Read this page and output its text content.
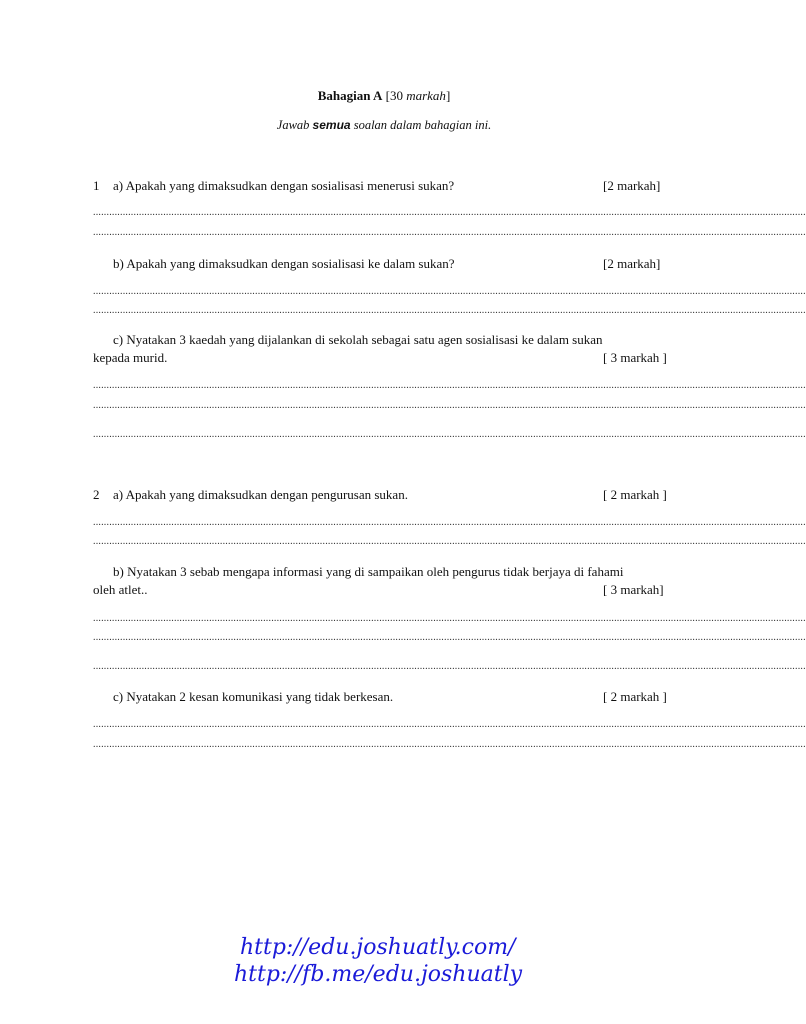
Bahagian A [30 markah]
Jawab semua soalan dalam bahagian ini.
1 a) Apakah yang dimaksudkan dengan sosialisasi menerusi sukan?	[2 markah]
........................................................................................................................................................................................................................................................................
........................................................................................................................................................................................................................................................................
b) Apakah yang dimaksudkan dengan sosialisasi ke dalam sukan?	[2 markah]
........................................................................................................................................................................................................................................................................
........................................................................................................................................................................................................................................................................
c) Nyatakan 3 kaedah yang dijalankan di sekolah sebagai satu agen sosialisasi ke dalam sukan
kepada murid.	[ 3 markah ]
........................................................................................................................................................................................................................................................................
........................................................................................................................................................................................................................................................................
........................................................................................................................................................................................................................................................................
2 a) Apakah yang dimaksudkan dengan pengurusan sukan.	[ 2 markah ]
........................................................................................................................................................................................................................................................................
........................................................................................................................................................................................................................................................................
b) Nyatakan 3 sebab mengapa informasi yang di sampaikan oleh pengurus tidak berjaya di fahami
oleh atlet..	[ 3 markah]
........................................................................................................................................................................................................................................................................
........................................................................................................................................................................................................................................................................
........................................................................................................................................................................................................................................................................
c) Nyatakan 2 kesan komunikasi yang tidak berkesan.	[ 2 markah ]
........................................................................................................................................................................................................................................................................
........................................................................................................................................................................................................................................................................
http://edu.joshuatly.com/
http://fb.me/edu.joshuatly
